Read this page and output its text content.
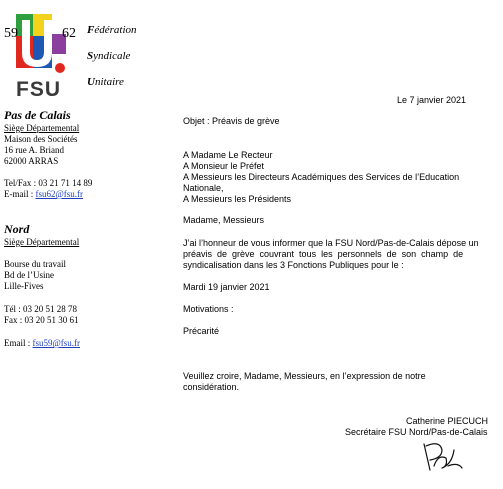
59	62
FSU
Fédération
Syndicale
Unitaire
Pas de Calais
Siège Départemental
Maison des Sociétés
16 rue A. Briand
62000 ARRAS
Tel/Fax : 03 21 71 14 89
E-mail : fsu62@fsu.fr
Nord
Siège Départemental
Bourse du travail
Bd de l’Usine
Lille-Fives
Tél : 03 20 51 28 78
Fax : 03 20 51 30 61
Email : fsu59@fsu.fr
Le 7 janvier 2021
Objet : Préavis de grève
A Madame Le Recteur
A Monsieur le Préfet
A Messieurs les Directeurs Académiques des Services de l’Education
Nationale,
A Messieurs les Présidents
Madame, Messieurs
J’ai l’honneur de vous informer que la FSU Nord/Pas-de-Calais dépose un
préavis de grève couvrant tous les personnels de son champ de
syndicalisation dans les 3 Fonctions Publiques pour le :
Mardi 19 janvier 2021
Motivations :
Précarité
Veuillez croire, Madame, Messieurs, en l’expression de notre
considération.
Catherine PIECUCH
Secrétaire FSU Nord/Pas-de-Calais
